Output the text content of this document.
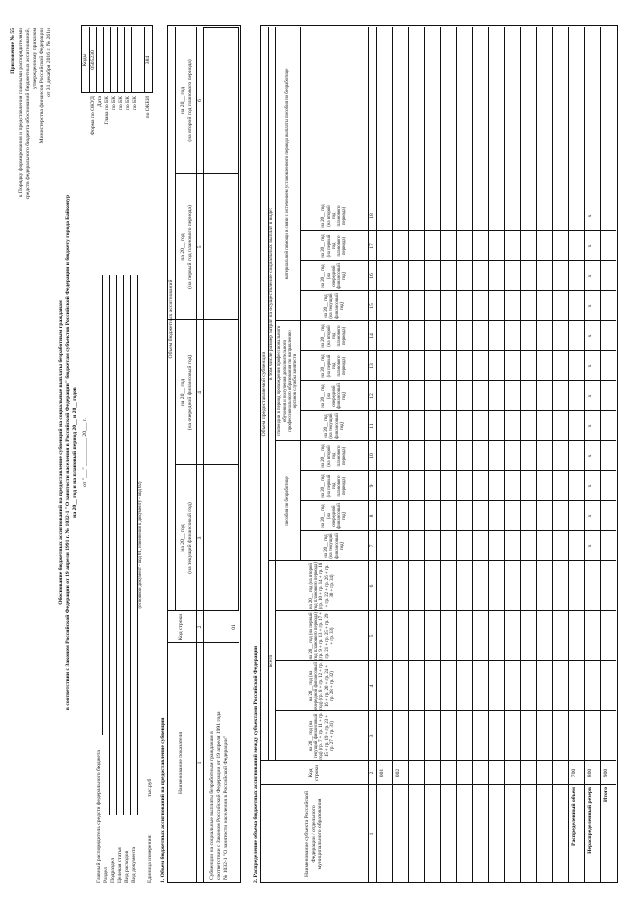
Приложение № 55 к Порядку формирования и представления главными распорядителями средств федерального бюджета обоснований бюджетных ассигнований, утвержденному приказом Министерства финансов Российской Федерации от 31 декабря 2016 г. № 261н
Обоснование бюджетных ассигнований на предоставление субвенций на социальные выплаты безработным гражданам в соответствии с Законом Российской Федерации от 19 апреля 1991 г. № 1032-1 "О занятости населения в Российской Федерации" бюджетам субъектов Российской Федерации и бюджету города Байконур на 20__ год и на плановый период 20__ и 20__ годов от "___" __________ 20___ г.
Коды 0505230
Форма по ОКУД Дата Глава по БК по БК по БК по БК по БК по ОКЕИ
384
Главный распорядитель средств федерального бюджета Раздел Подраздел Целевая статья Вид расходов Вид документа
(основной документ - код 01, изменения к документу - код 02)
Единица измерения:
тыс.руб 1. Объем бюджетных ассигнований на предоставление субвенции	Наименование показателя
Код строки
Объем бюджетных ассигнований
на 20__ год (на текущий финансовый год)
на 20__ год (на очередной финансовый год)
на 20__ год (на первый год планового периода)
на 20__ год (на второй год планового периода)
1
2
3
4
5
6
Субвенции на социальные выплаты безработным гражданам в соответствии с Законом Российской Федерации от 19 апреля 1991 года № 1032-1 "О занятости населения в Российской Федерации"
01
2. Распределение объема бюджетных ассигнований между субъектами Российской Федерации	Наименование субъекта Российской Федерации / отдельного муниципального образования
Код строки
Объем предоставляемой субвенции
всего
в том числе размер затрат на осуществление социальных выплат в виде:
пособия по безработице
стипендии в период прохождения профессионального обучения и получения дополнительного профессионального образования по направлению органов службы занятости
материальной помощи в связи с истечением установленного периода выплаты пособия по безработице
на 20__ год (на текущий финансовый год) (гр. 7 + гр. 11 + гр. 15 + гр. 19 + гр. 23 + гр. 27 + гр. 31)
на 20__ год (на очередной финансовый год) (гр. 8 + гр. 12 + гр. 16 + гр. 20 + гр. 24 + гр. 28 + гр. 32)
на 20__ год (на первый год планового периода) (гр. 9 + гр. 13 + гр. 17 + гр. 21 + гр. 25 + гр. 29 + гр. 33)
на 20__ год (на второй год планового периода) (гр. 10 + гр. 14 + гр. 18 + гр. 22 + гр. 26 + гр. 30 + гр. 34)
на 20__ год (на текущий финансовый год)
на 20__ год (на очередной финансовый год)
на 20__ год (на первый год планового периода)
на 20__ год (на второй год планового периода)
на 20__ год (на текущий финансовый год)
на 20__ год (на очередной финансовый год)
на 20__ год (на первый год планового периода)
на 20__ год (на второй год планового периода)
на 20__ год (на текущий финансовый год)
на 20__ год (на очередной финансовый год)
на 20__ год (на первый год планового периода)
на 20__ год (на второй год планового периода)
1
2
3
4
5
6
7
8
9
10
11
12
13
14
15
16
17
18
001 002
Распределенный объем
700
Нераспределенный резерв
800
Итого
900
x
x
x
x
x
x
x
x
x
x
x
x
